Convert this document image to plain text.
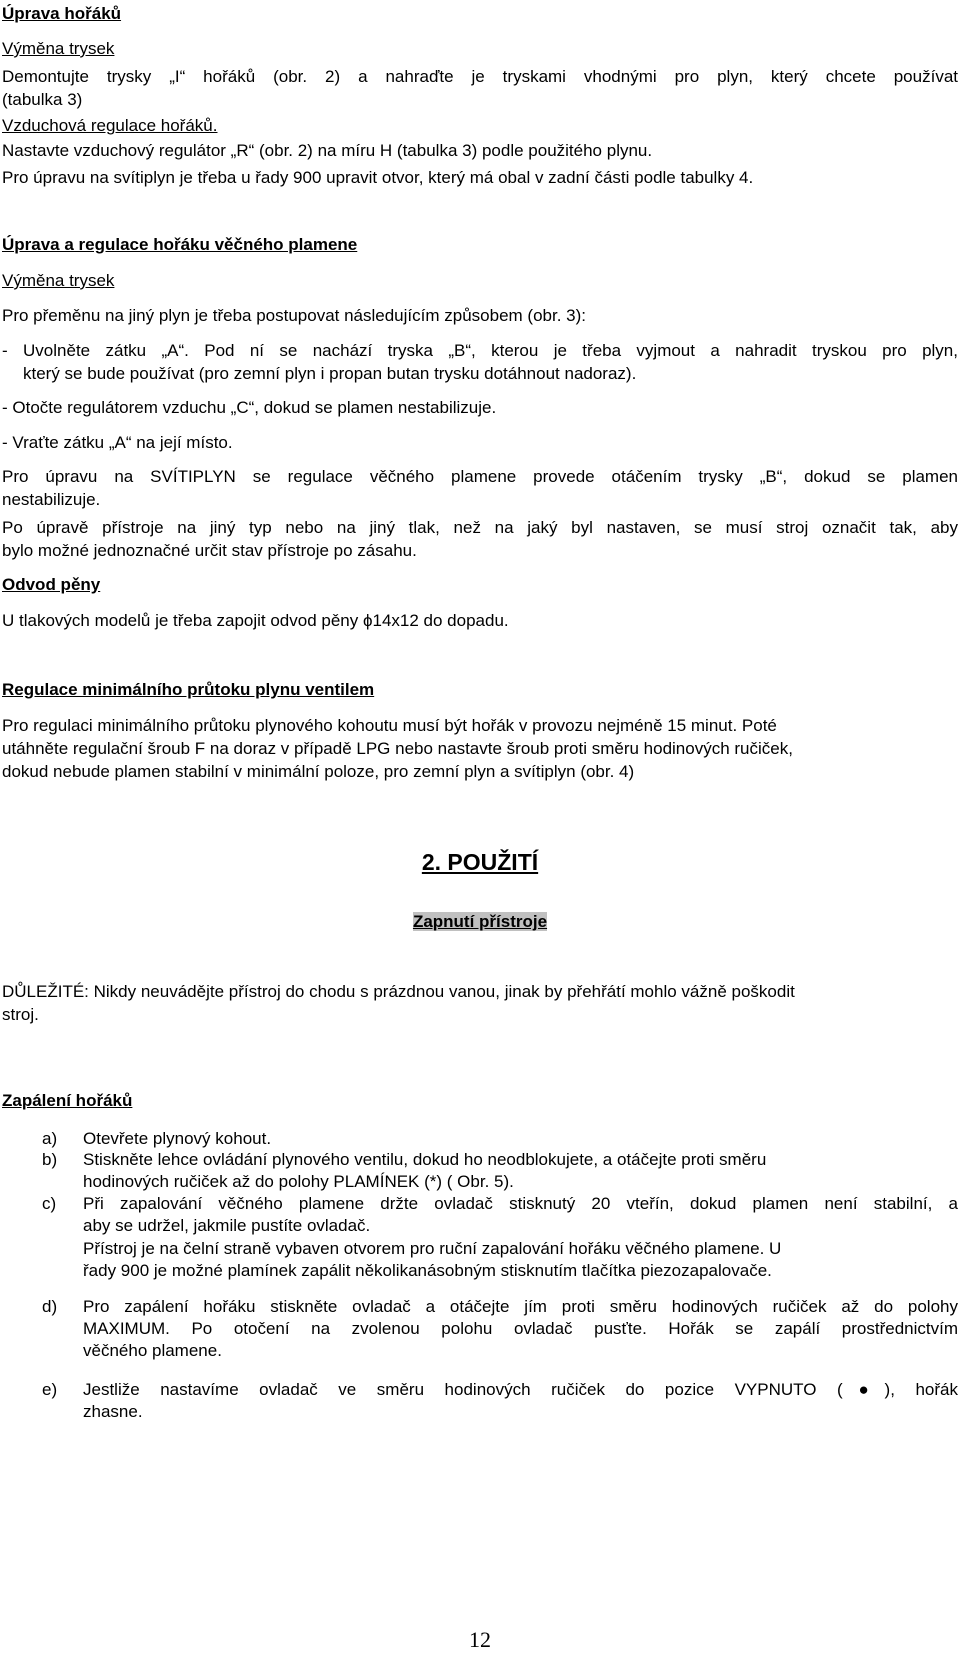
Úprava hořáků
Výměna trysek
Demontujte trysky „I“ hořáků (obr. 2) a nahraďte je tryskami vhodnými pro plyn, který chcete používat
(tabulka 3)
Vzduchová regulace hořáků.
Nastavte vzduchový regulátor „R“ (obr. 2) na míru H (tabulka 3) podle použitého plynu.
Pro úpravu na svítiplyn je třeba u řady 900 upravit otvor, který má obal v zadní části podle tabulky 4.
Úprava a regulace hořáku věčného plamene
Výměna trysek
Pro přeměnu na jiný plyn je třeba postupovat následujícím způsobem (obr. 3):
- Uvolněte zátku „A“. Pod ní se nachází tryska „B“, kterou je třeba vyjmout a nahradit tryskou pro plyn,
který se bude používat (pro zemní plyn i propan butan trysku dotáhnout nadoraz).
- Otočte regulátorem vzduchu „C“, dokud se plamen nestabilizuje.
- Vraťte zátku „A“ na její místo.
Pro úpravu na SVÍTIPLYN se regulace věčného plamene provede otáčením trysky „B“, dokud se plamen
nestabilizuje.
Po úpravě přístroje na jiný typ nebo na jiný tlak, než na jaký byl nastaven, se musí stroj označit tak, aby
bylo možné jednoznačné určit stav přístroje po zásahu.
Odvod pěny
U tlakových modelů je třeba zapojit odvod pěny ϕ14x12 do dopadu.
Regulace minimálního průtoku plynu ventilem
Pro regulaci minimálního průtoku plynového kohoutu musí být hořák v provozu nejméně 15 minut. Poté
utáhněte regulační šroub F na doraz v případě LPG nebo nastavte šroub proti směru hodinových ručiček,
dokud nebude plamen stabilní v minimální poloze, pro zemní plyn a svítiplyn (obr. 4)
2. POUŽITÍ
Zapnutí přístroje
DŮLEŽITÉ: Nikdy neuvádějte přístroj do chodu s prázdnou vanou, jinak by přehřátí mohlo vážně poškodit
stroj.
Zapálení hořáků
a) Otevřete plynový kohout.
b) Stiskněte lehce ovládání plynového ventilu, dokud ho neodblokujete, a otáčejte proti směru
hodinových ručiček až do polohy PLAMÍNEK (*) ( Obr. 5).
c) Při zapalování věčného plamene držte ovladač stisknutý 20 vteřín, dokud plamen není stabilní, a
aby se udržel, jakmile pustíte ovladač.
Přístroj je na čelní straně vybaven otvorem pro ruční zapalování hořáku věčného plamene. U
řady 900 je možné plamínek zapálit několikanásobným stisknutím tlačítka piezozapalovače.
d) Pro zapálení hořáku stiskněte ovladač a otáčejte jím proti směru hodinových ručiček až do polohy
MAXIMUM. Po otočení na zvolenou polohu ovladač pusťte. Hořák se zapálí prostřednictvím
věčného plamene.
e) Jestliže nastavíme ovladač ve směru hodinových ručiček do pozice VYPNUTO (●), hořák
zhasne.
12
